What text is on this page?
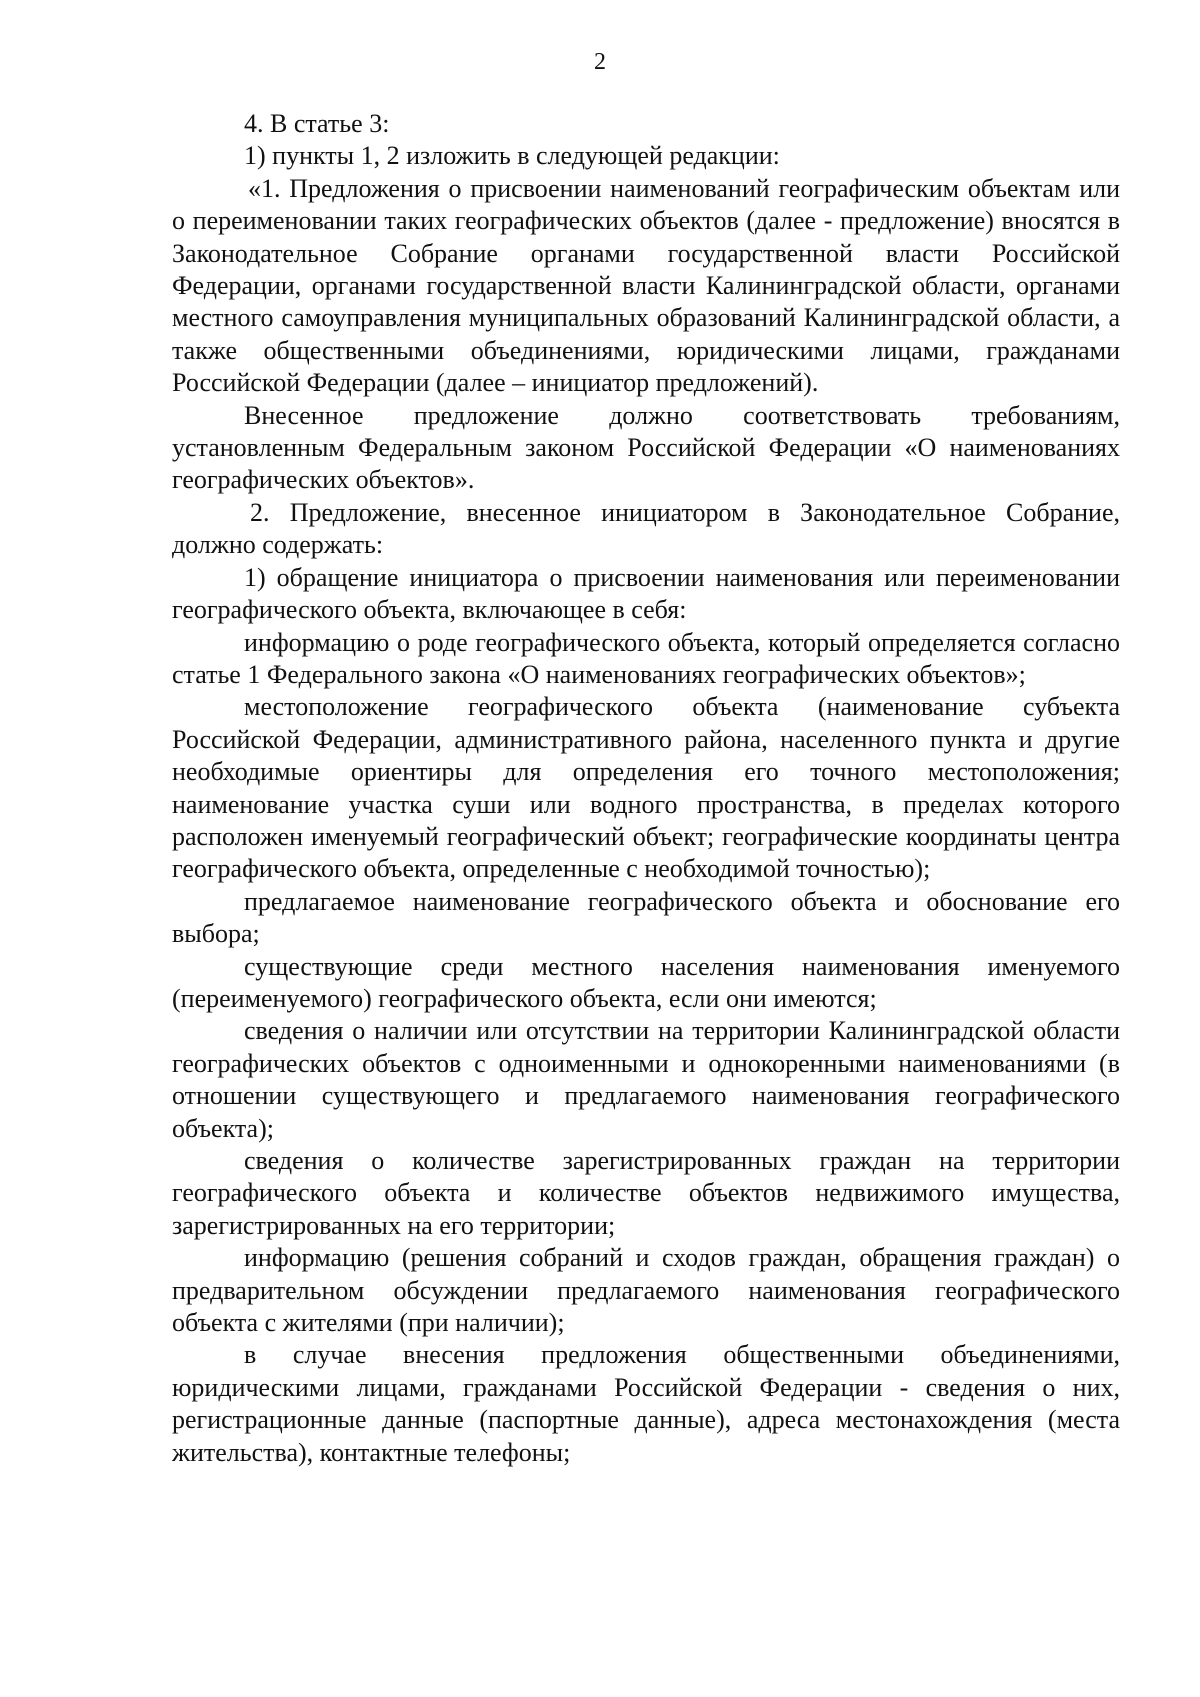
2

4. В статье 3:

1) пункты 1, 2 изложить в следующей редакции:

«1. Предложения о присвоении наименований географическим объектам или о переименовании таких географических объектов (далее - предложение) вносятся в Законодательное Собрание органами государственной власти Российской Федерации, органами государственной власти Калининградской области, органами местного самоуправления муниципальных образований Калининградской области, а также общественными объединениями, юридическими лицами, гражданами Российской Федерации (далее – инициатор предложений).

Внесенное предложение должно соответствовать требованиям, установленным Федеральным законом Российской Федерации «О наименованиях географических объектов».

2. Предложение, внесенное инициатором в Законодательное Собрание, должно содержать:

1) обращение инициатора о присвоении наименования или переименовании географического объекта, включающее в себя:

информацию о роде географического объекта, который определяется согласно статье 1 Федерального закона «О наименованиях географических объектов»;

местоположение географического объекта (наименование субъекта Российской Федерации, административного района, населенного пункта и другие необходимые ориентиры для определения его точного местоположения; наименование участка суши или водного пространства, в пределах которого расположен именуемый географический объект; географические координаты центра географического объекта, определенные с необходимой точностью);

предлагаемое наименование географического объекта и обоснование его выбора;

существующие среди местного населения наименования именуемого (переименуемого) географического объекта, если они имеются;

сведения о наличии или отсутствии на территории Калининградской области географических объектов с одноименными и однокоренными наименованиями (в отношении существующего и предлагаемого наименования географического объекта);

сведения о количестве зарегистрированных граждан на территории географического объекта и количестве объектов недвижимого имущества, зарегистрированных на его территории;

информацию (решения собраний и сходов граждан, обращения граждан) о предварительном обсуждении предлагаемого наименования географического объекта с жителями (при наличии);

в случае внесения предложения общественными объединениями, юридическими лицами, гражданами Российской Федерации - сведения о них, регистрационные данные (паспортные данные), адреса местонахождения (места жительства), контактные телефоны;
